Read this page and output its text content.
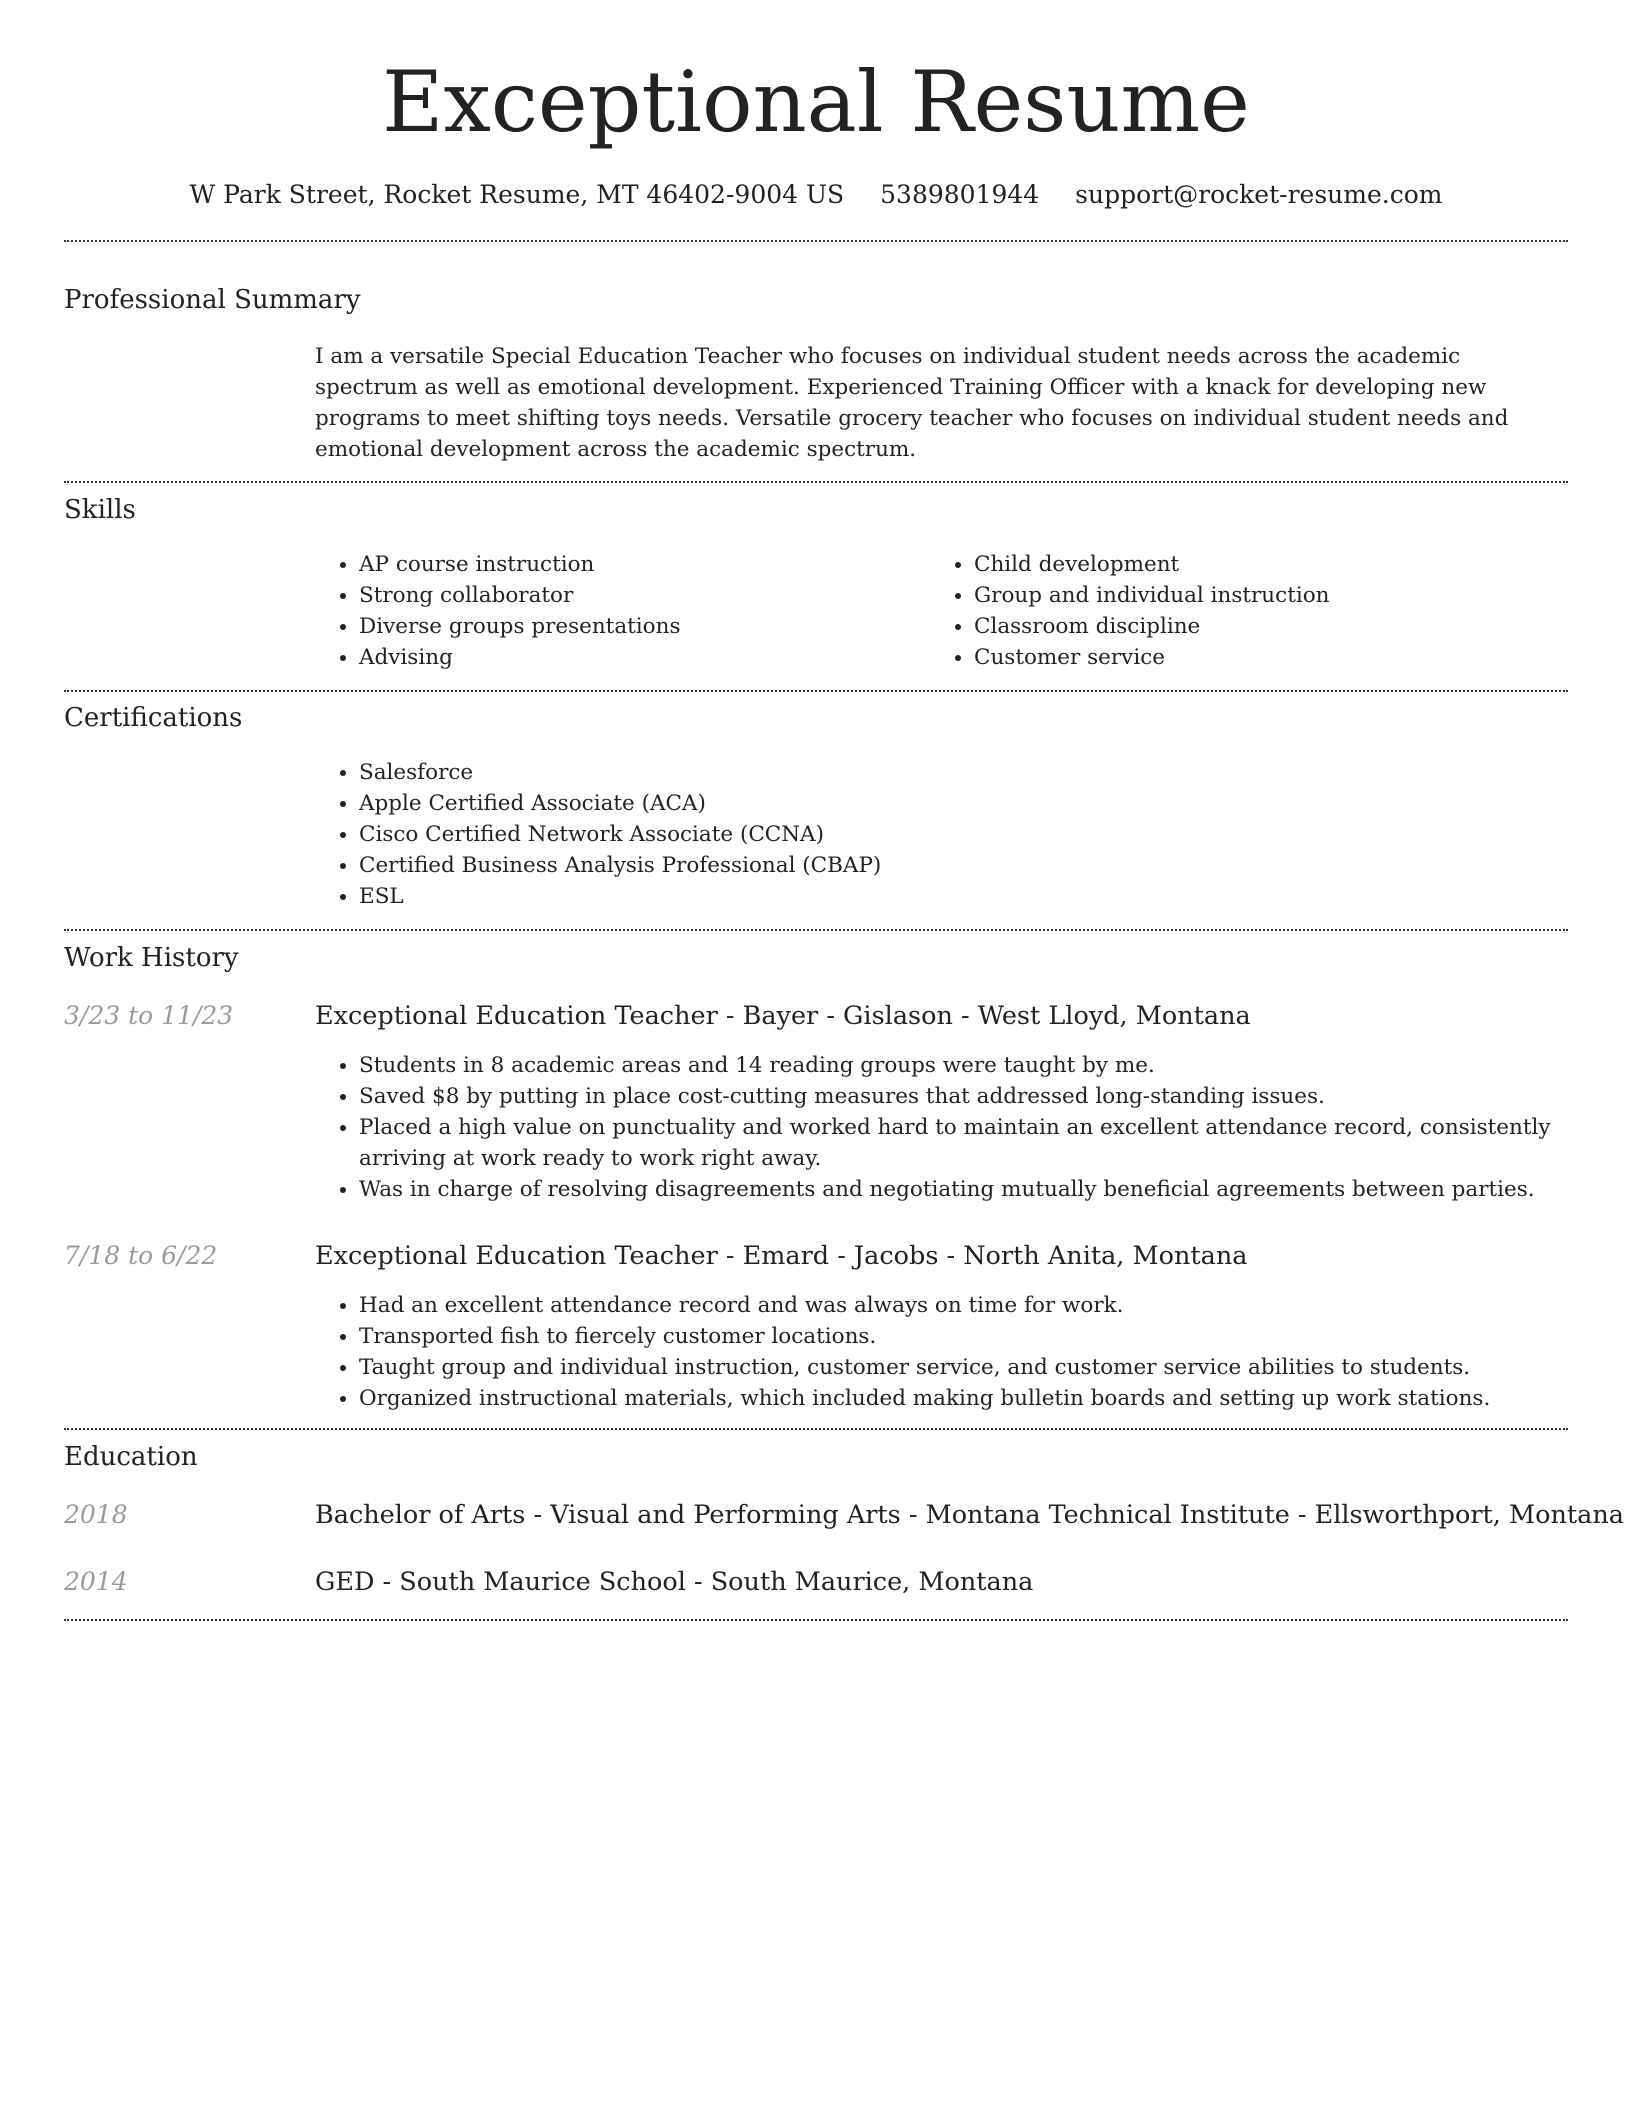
Exceptional Resume
W Park Street, Rocket Resume, MT 46402-9004 US 5389801944 support@rocket-resume.com
Professional Summary

I am a versatile Special Education Teacher who focuses on individual student needs across the academic spectrum as well as emotional development. Experienced Training Officer with a knack for developing new programs to meet shifting toys needs. Versatile grocery teacher who focuses on individual student needs and emotional development across the academic spectrum.

Skills
• AP course instruction
• Strong collaborator
• Diverse groups presentations
• Advising
• Child development
• Group and individual instruction
• Classroom discipline
• Customer service
Certifications
• Salesforce
• Apple Certified Associate (ACA)
• Cisco Certified Network Associate (CCNA)
• Certified Business Analysis Professional (CBAP)
• ESL
Work History
3/23 to 11/23	Exceptional Education Teacher - Bayer - Gislason - West Lloyd, Montana
• Students in 8 academic areas and 14 reading groups were taught by me.
• Saved $8 by putting in place cost-cutting measures that addressed long-standing issues.
• Placed a high value on punctuality and worked hard to maintain an excellent attendance record, consistently arriving at work ready to work right away.
• Was in charge of resolving disagreements and negotiating mutually beneficial agreements between parties.
7/18 to 6/22	Exceptional Education Teacher - Emard - Jacobs - North Anita, Montana
• Had an excellent attendance record and was always on time for work.
• Transported fish to fiercely customer locations.
• Taught group and individual instruction, customer service, and customer service abilities to students.
• Organized instructional materials, which included making bulletin boards and setting up work stations.
Education
2018	Bachelor of Arts - Visual and Performing Arts - Montana Technical Institute - Ellsworthport, Montana
2014	GED - South Maurice School - South Maurice, Montana
